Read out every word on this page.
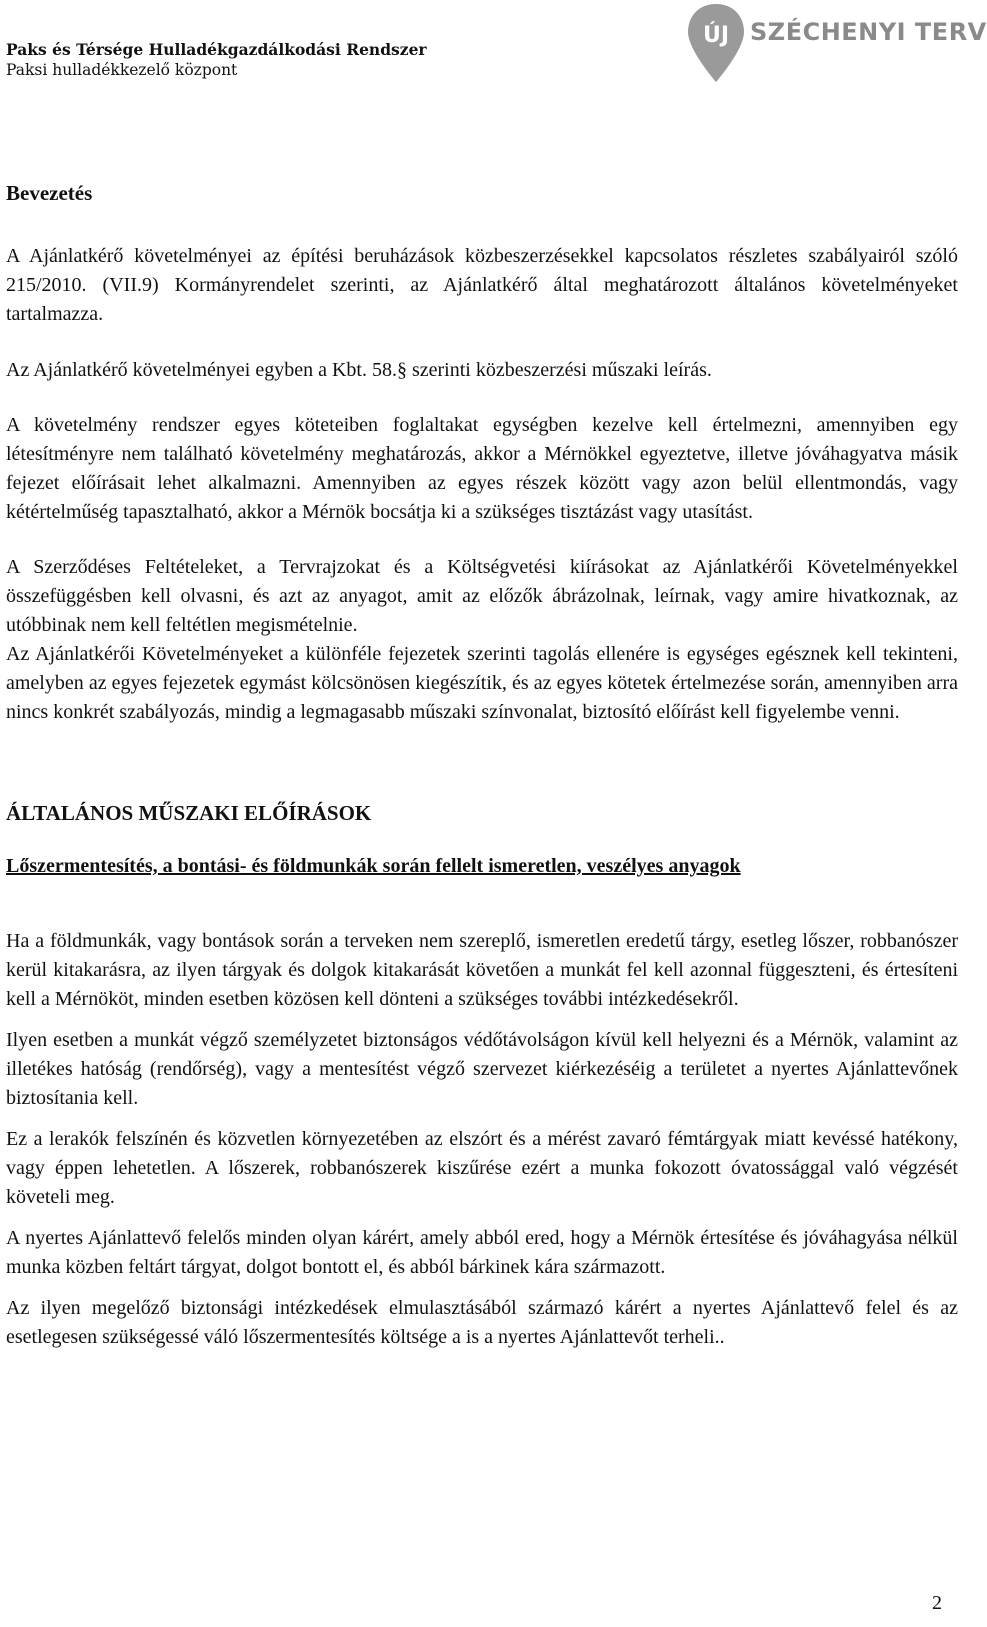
Paks és Térsége Hulladékgazdálkodási Rendszer
Paksi hulladékkezelő központ
ÚJ SZÉCHENYI TERV
Bevezetés

A Ajánlatkérő követelményei az építési beruházások közbeszerzésekkel kapcsolatos részletes szabályairól szóló 215/2010. (VII.9) Kormányrendelet szerinti, az Ajánlatkérő által meghatározott általános követelményeket tartalmazza.

Az Ajánlatkérő követelményei egyben a Kbt. 58.§ szerinti közbeszerzési műszaki leírás.

A követelmény rendszer egyes köteteiben foglaltakat egységben kezelve kell értelmezni, amennyiben egy létesítményre nem található követelmény meghatározás, akkor a Mérnökkel egyeztetve, illetve jóváhagyatva másik fejezet előírásait lehet alkalmazni. Amennyiben az egyes részek között vagy azon belül ellentmondás, vagy kétértelműség tapasztalható, akkor a Mérnök bocsátja ki a szükséges tisztázást vagy utasítást.

A Szerződéses Feltételeket, a Tervrajzokat és a Költségvetési kiírásokat az Ajánlatkérői Követelményekkel összefüggésben kell olvasni, és azt az anyagot, amit az előzők ábrázolnak, leírnak, vagy amire hivatkoznak, az utóbbinak nem kell feltétlen megismételnie.

Az Ajánlatkérői Követelményeket a különféle fejezetek szerinti tagolás ellenére is egységes egésznek kell tekinteni, amelyben az egyes fejezetek egymást kölcsönösen kiegészítik, és az egyes kötetek értelmezése során, amennyiben arra nincs konkrét szabályozás, mindig a legmagasabb műszaki színvonalat, biztosító előírást kell figyelembe venni.

ÁLTALÁNOS MŰSZAKI ELŐÍRÁSOK
Lőszermentesítés, a bontási- és földmunkák során fellelt ismeretlen, veszélyes anyagok

Ha a földmunkák, vagy bontások során a terveken nem szereplő, ismeretlen eredetű tárgy, esetleg lőszer, robbanószer kerül kitakarásra, az ilyen tárgyak és dolgok kitakarását követően a munkát fel kell azonnal függeszteni, és értesíteni kell a Mérnököt, minden esetben közösen kell dönteni a szükséges további intézkedésekről.

Ilyen esetben a munkát végző személyzetet biztonságos védőtávolságon kívül kell helyezni és a Mérnök, valamint az illetékes hatóság (rendőrség), vagy a mentesítést végző szervezet kiérkezéséig a területet a nyertes Ajánlattevőnek biztosítania kell.

Ez a lerakók felszínén és közvetlen környezetében az elszórt és a mérést zavaró fémtárgyak miatt kevéssé hatékony, vagy éppen lehetetlen. A lőszerek, robbanószerek kiszűrése ezért a munka fokozott óvatossággal való végzését követeli meg.

A nyertes Ajánlattevő felelős minden olyan kárért, amely abból ered, hogy a Mérnök értesítése és jóváhagyása nélkül munka közben feltárt tárgyat, dolgot bontott el, és abból bárkinek kára származott.

Az ilyen megelőző biztonsági intézkedések elmulasztásából származó kárért a nyertes Ajánlattevő felel és az esetlegesen szükségessé váló lőszermentesítés költsége a is a nyertes Ajánlattevőt terheli..

2
